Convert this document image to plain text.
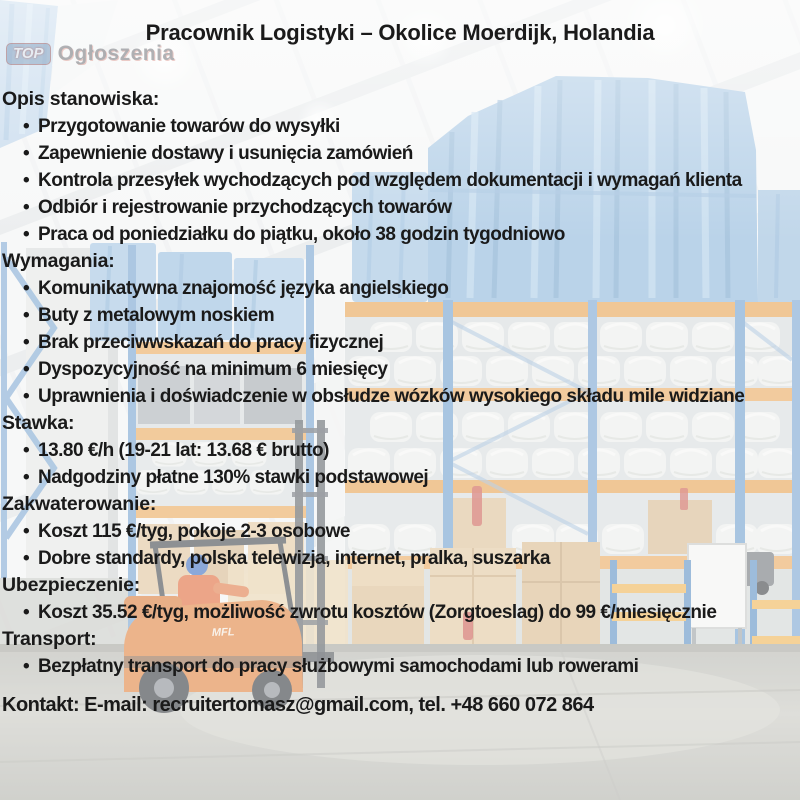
MFL
Pracownik Logistyki – Okolice Moerdijk, Holandia
TOP Ogłoszenia
Opis stanowiska:
• Przygotowanie towarów do wysyłki
• Zapewnienie dostawy i usunięcia zamówień
• Kontrola przesyłek wychodzących pod względem dokumentacji i wymagań klienta
• Odbiór i rejestrowanie przychodzących towarów
• Praca od poniedziałku do piątku, około 38 godzin tygodniowo
Wymagania:
• Komunikatywna znajomość języka angielskiego
• Buty z metalowym noskiem
• Brak przeciwwskazań do pracy fizycznej
• Dyspozycyjność na minimum 6 miesięcy
• Uprawnienia i doświadczenie w obsłudze wózków wysokiego składu mile widziane
Stawka:
• 13.80 €/h (19-21 lat: 13.68 € brutto)
• Nadgodziny płatne 130% stawki podstawowej
Zakwaterowanie:
• Koszt 115 €/tyg, pokoje 2-3 osobowe
• Dobre standardy, polska telewizja, internet, pralka, suszarka
Ubezpieczenie:
• Koszt 35.52 €/tyg, możliwość zwrotu kosztów (Zorgtoeslag) do 99 €/miesięcznie
Transport:
• Bezpłatny transport do pracy służbowymi samochodami lub rowerami
Kontakt: E-mail: recruitertomasz@gmail.com, tel. +48 660 072 864
